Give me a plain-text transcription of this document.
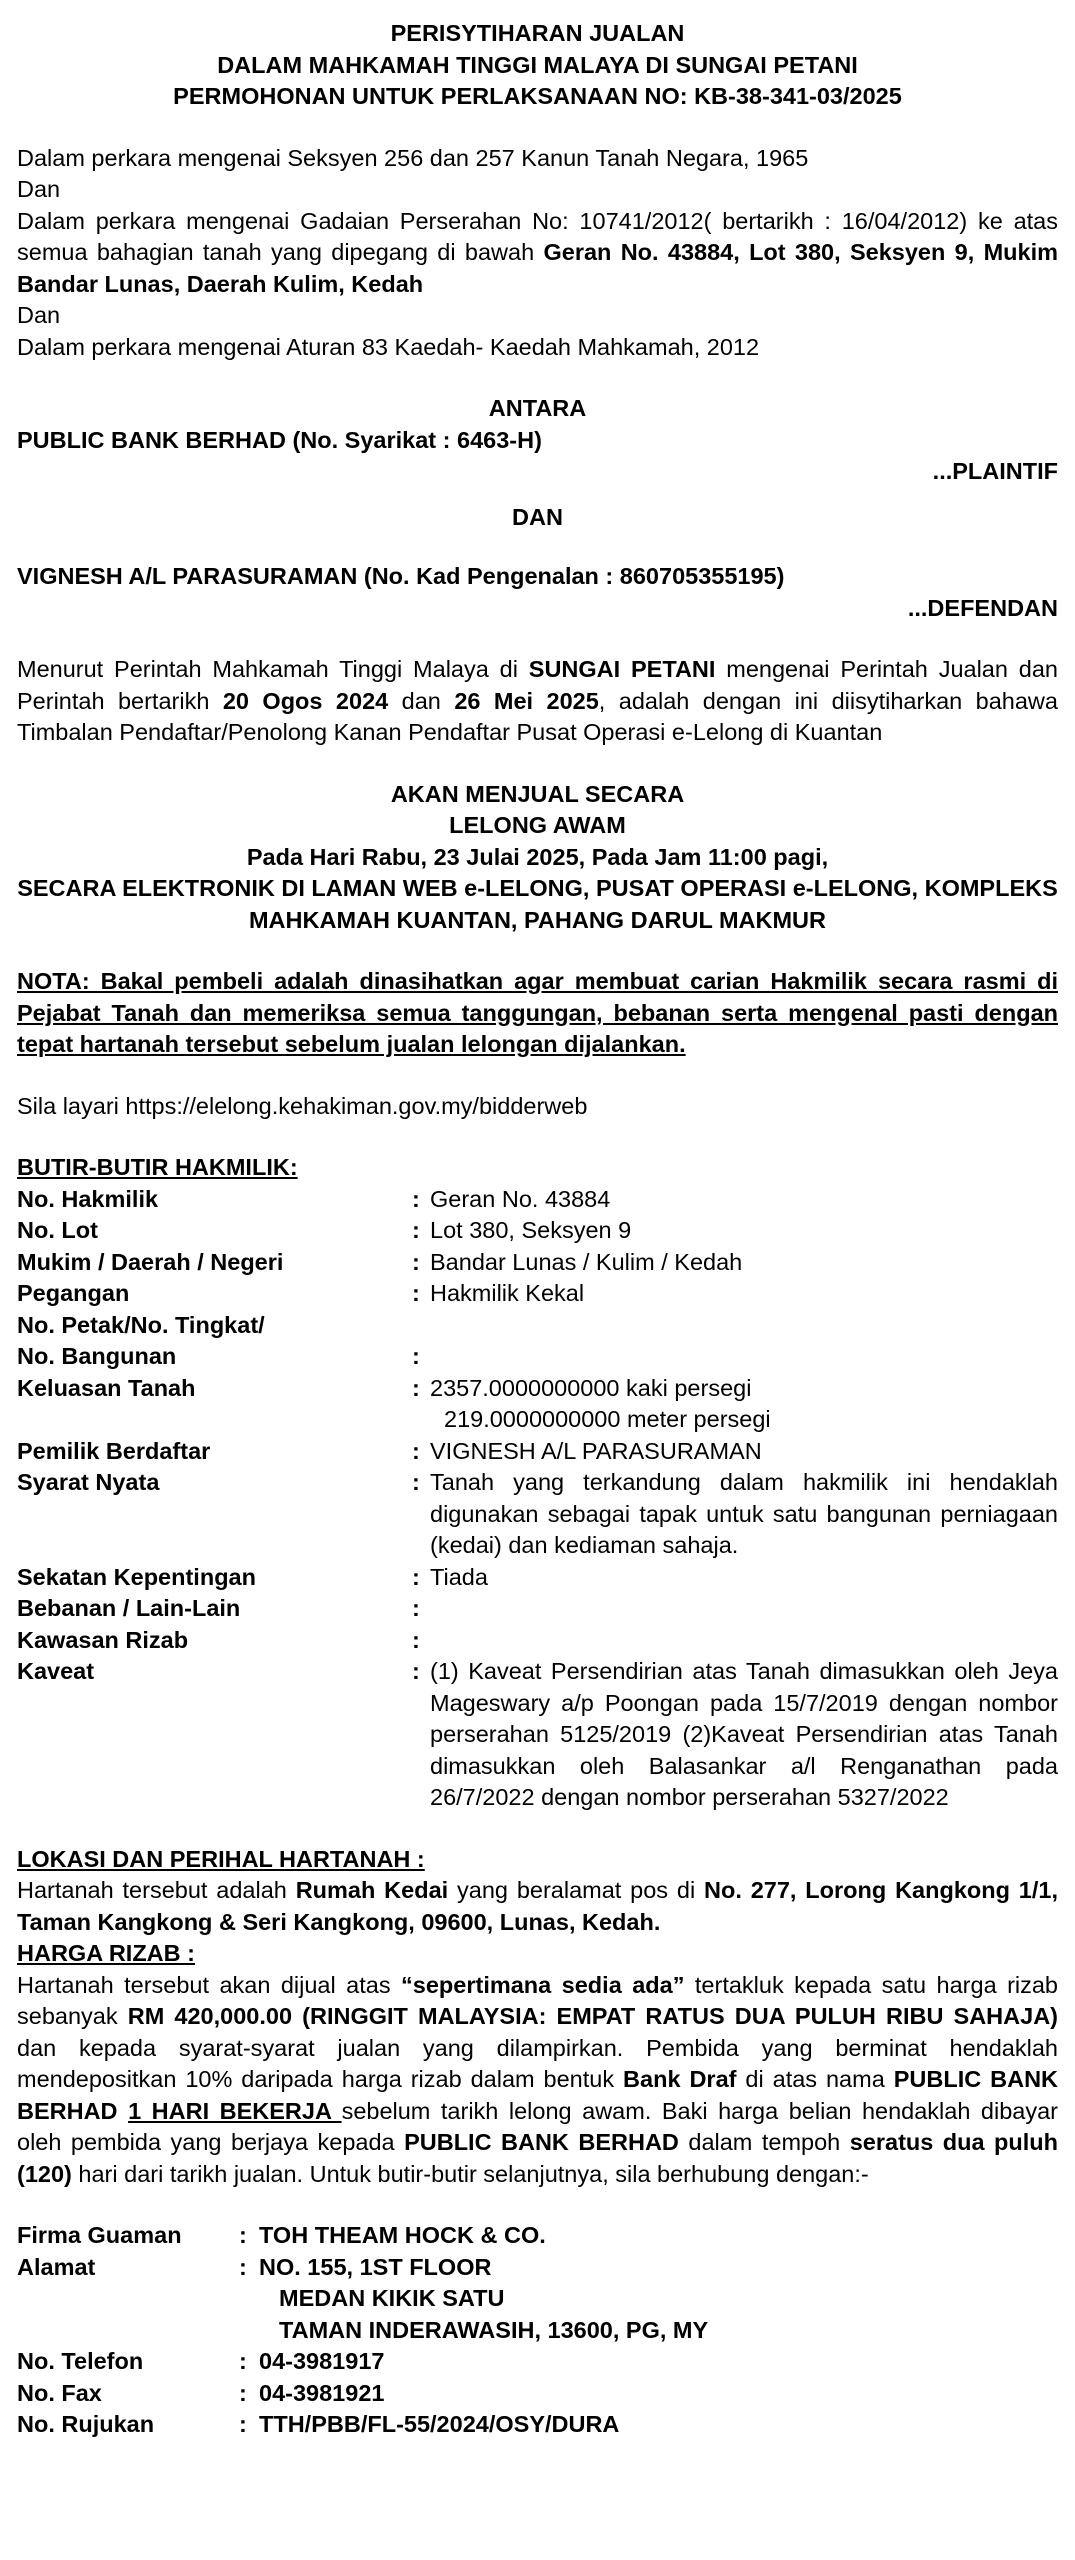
PERISYTIHARAN JUALAN

DALAM MAHKAMAH TINGGI MALAYA DI SUNGAI PETANI

PERMOHONAN UNTUK PERLAKSANAAN NO: KB-38-341-03/2025

Dalam perkara mengenai Seksyen 256 dan 257 Kanun Tanah Negara, 1965

Dan

Dalam perkara mengenai Gadaian Perserahan No: 10741/2012( bertarikh : 16/04/2012) ke atas semua bahagian tanah yang dipegang di bawah Geran No. 43884, Lot 380, Seksyen 9, Mukim Bandar Lunas, Daerah Kulim, Kedah

Dan

Dalam perkara mengenai Aturan 83 Kaedah- Kaedah Mahkamah, 2012

ANTARA

PUBLIC BANK BERHAD (No. Syarikat : 6463-H)

...PLAINTIF

DAN

VIGNESH A/L PARASURAMAN (No. Kad Pengenalan : 860705355195)

...DEFENDAN

Menurut Perintah Mahkamah Tinggi Malaya di SUNGAI PETANI mengenai Perintah Jualan dan Perintah bertarikh 20 Ogos 2024 dan 26 Mei 2025, adalah dengan ini diisytiharkan bahawa Timbalan Pendaftar/Penolong Kanan Pendaftar Pusat Operasi e-Lelong di Kuantan

AKAN MENJUAL SECARA

LELONG AWAM

Pada Hari Rabu, 23 Julai 2025, Pada Jam 11:00 pagi,

SECARA ELEKTRONIK DI LAMAN WEB e-LELONG, PUSAT OPERASI e-LELONG, KOMPLEKS MAHKAMAH KUANTAN, PAHANG DARUL MAKMUR

NOTA: Bakal pembeli adalah dinasihatkan agar membuat carian Hakmilik secara rasmi di Pejabat Tanah dan memeriksa semua tanggungan, bebanan serta mengenal pasti dengan tepat hartanah tersebut sebelum jualan lelongan dijalankan.

Sila layari https://elelong.kehakiman.gov.my/bidderweb

BUTIR-BUTIR HAKMILIK:

No. Hakmilik	: Geran No. 43884
No. Lot	: Lot 380, Seksyen 9
Mukim / Daerah / Negeri	: Bandar Lunas / Kulim / Kedah
Pegangan	: Hakmilik Kekal
No. Petak/No. Tingkat/
No. Bangunan	:
Keluasan Tanah	: 2357.0000000000 kaki persegi
219.0000000000 meter persegi
Pemilik Berdaftar	: VIGNESH A/L PARASURAMAN
Syarat Nyata	: Tanah yang terkandung dalam hakmilik ini hendaklah digunakan sebagai tapak untuk satu bangunan perniagaan (kedai) dan kediaman sahaja.
Sekatan Kepentingan	: Tiada
Bebanan / Lain-Lain	:
Kawasan Rizab	:
Kaveat	: (1) Kaveat Persendirian atas Tanah dimasukkan oleh Jeya Mageswary a/p Poongan pada 15/7/2019 dengan nombor perserahan 5125/2019 (2)Kaveat Persendirian atas Tanah dimasukkan oleh Balasankar a/l Renganathan pada 26/7/2022 dengan nombor perserahan 5327/2022

LOKASI DAN PERIHAL HARTANAH :

Hartanah tersebut adalah Rumah Kedai yang beralamat pos di No. 277, Lorong Kangkong 1/1, Taman Kangkong & Seri Kangkong, 09600, Lunas, Kedah.

HARGA RIZAB :

Hartanah tersebut akan dijual atas “sepertimana sedia ada” tertakluk kepada satu harga rizab sebanyak RM 420,000.00 (RINGGIT MALAYSIA: EMPAT RATUS DUA PULUH RIBU SAHAJA) dan kepada syarat-syarat jualan yang dilampirkan. Pembida yang berminat hendaklah mendepositkan 10% daripada harga rizab dalam bentuk Bank Draf di atas nama PUBLIC BANK BERHAD 1 HARI BEKERJA sebelum tarikh lelong awam. Baki harga belian hendaklah dibayar oleh pembida yang berjaya kepada PUBLIC BANK BERHAD dalam tempoh seratus dua puluh (120) hari dari tarikh jualan. Untuk butir-butir selanjutnya, sila berhubung dengan:-

Firma Guaman	: TOH THEAM HOCK & CO.
Alamat	: NO. 155, 1ST FLOOR
MEDAN KIKIK SATU
TAMAN INDERAWASIH, 13600, PG, MY
No. Telefon	: 04-3981917
No. Fax	: 04-3981921
No. Rujukan	: TTH/PBB/FL-55/2024/OSY/DURA
